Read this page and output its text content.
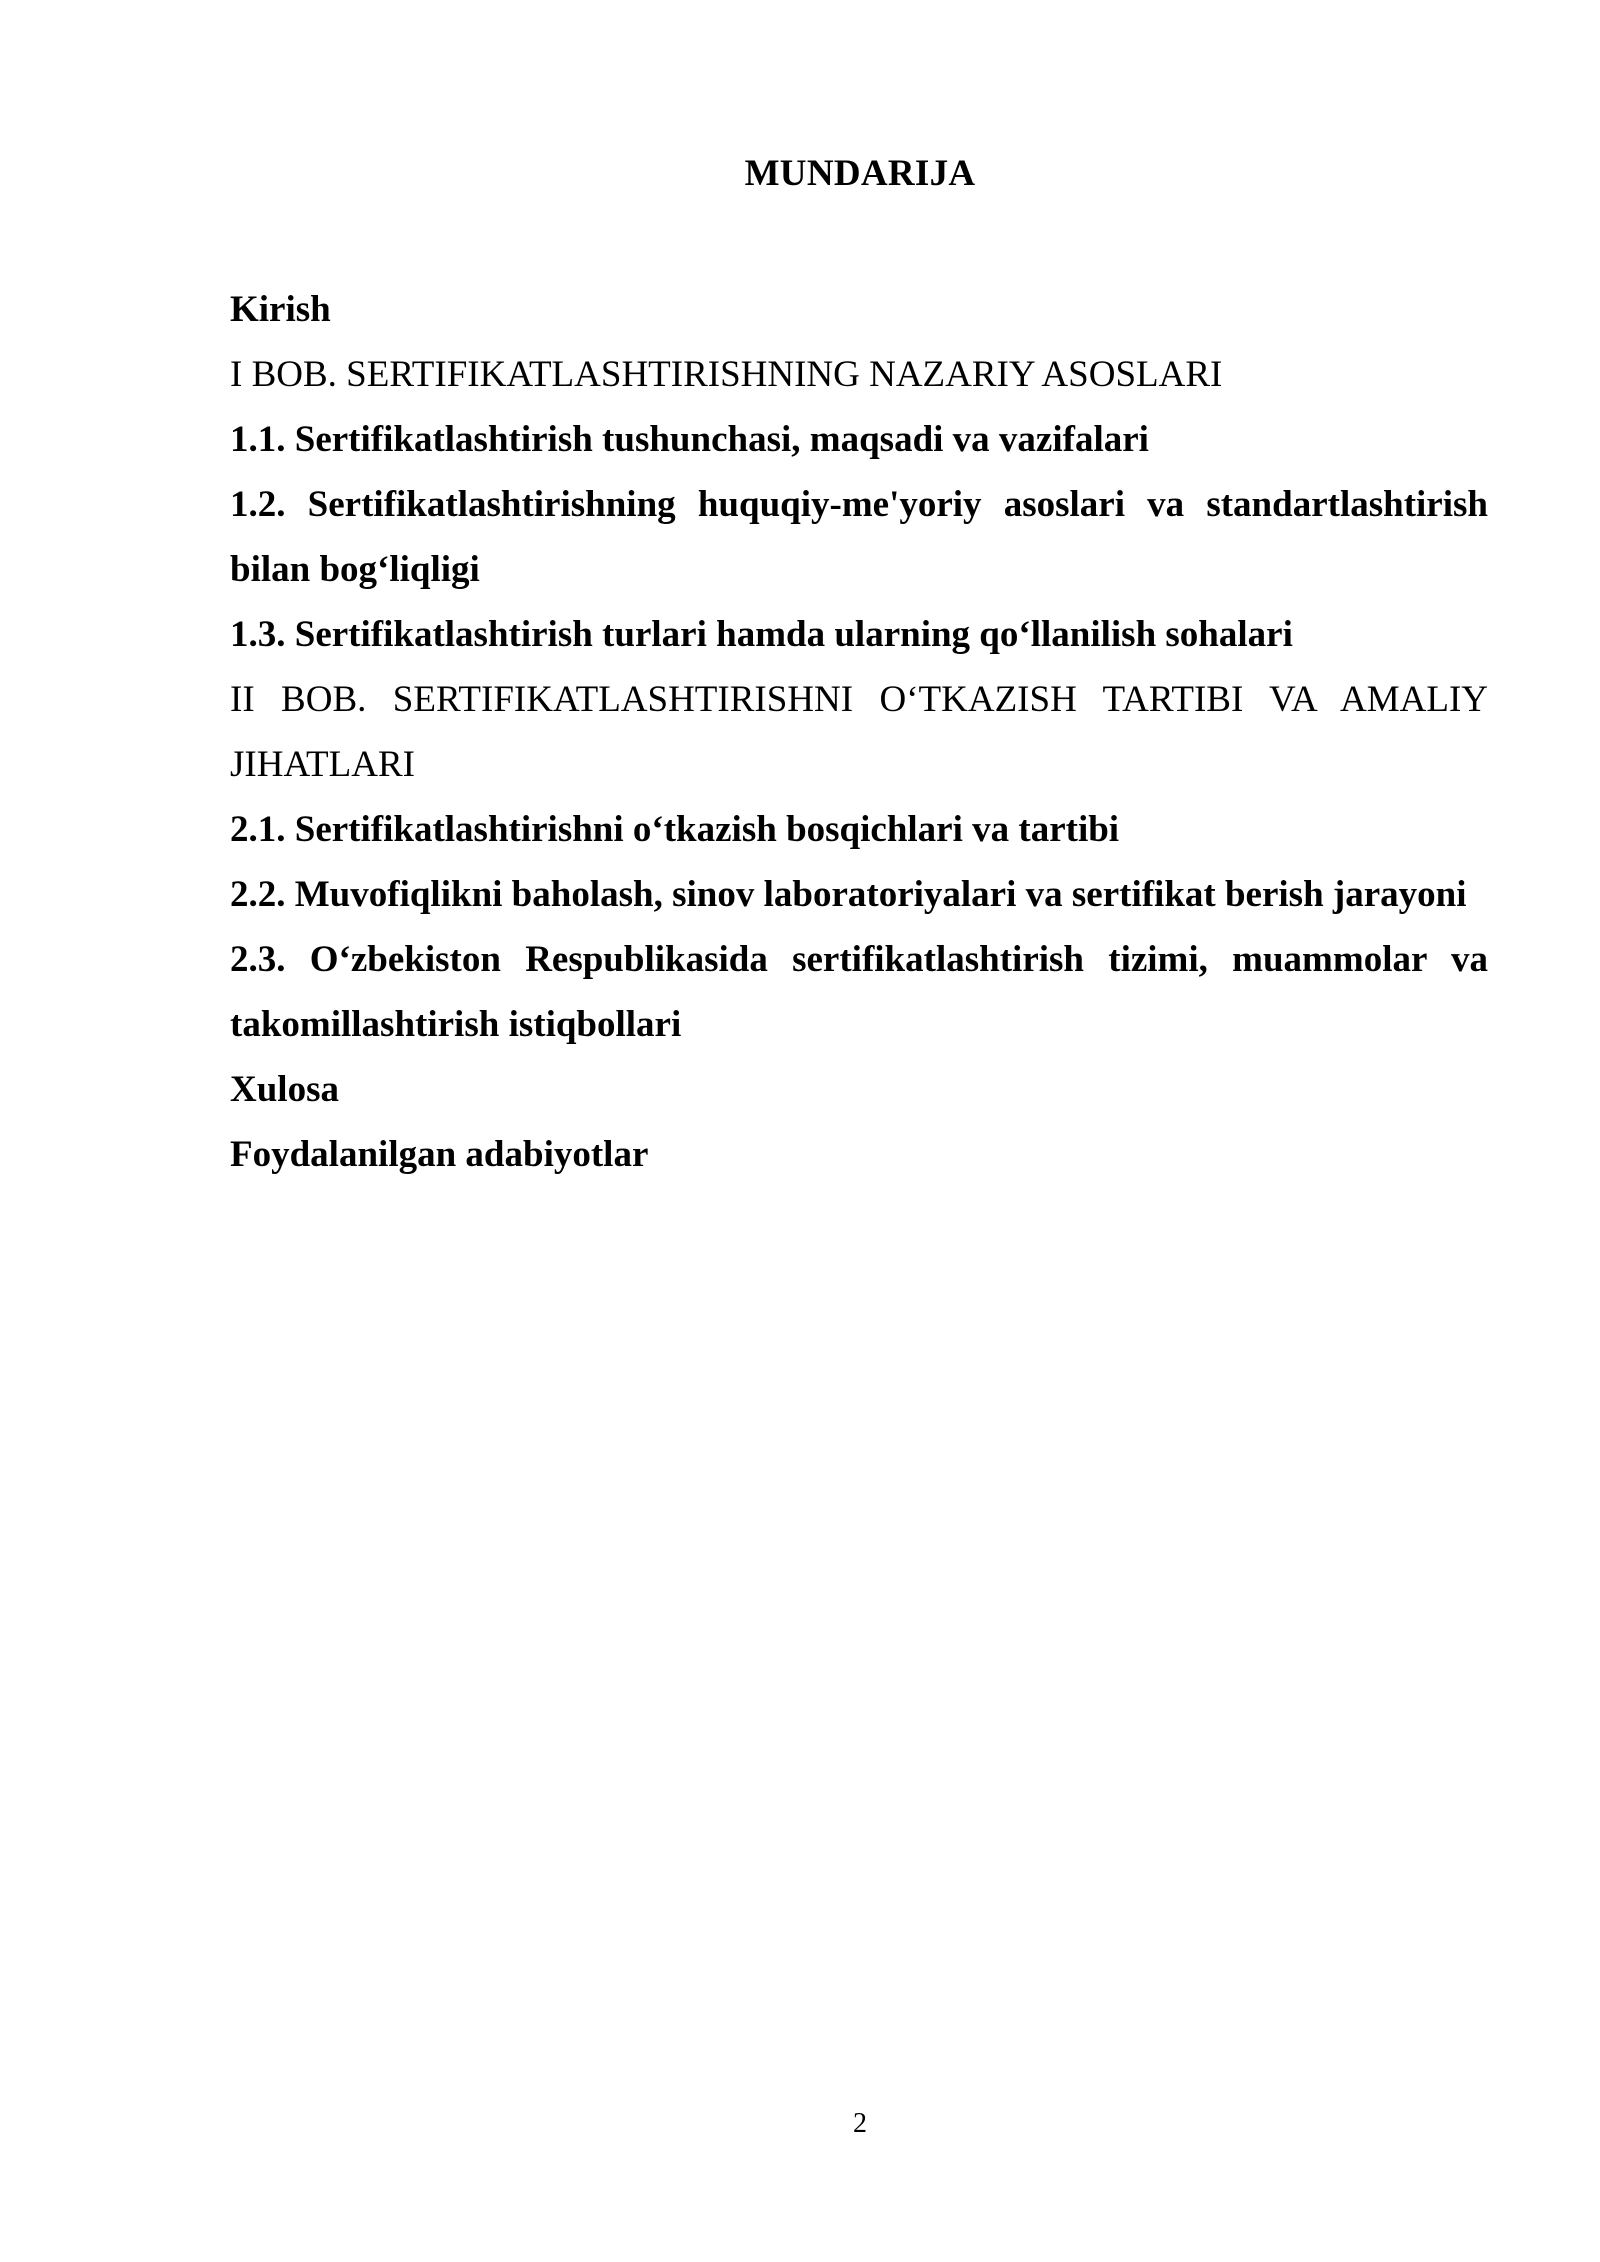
MUNDARIJA

Kirish

I BOB. SERTIFIKATLASHTIRISHNING NAZARIY ASOSLARI

1.1. Sertifikatlashtirish tushunchasi, maqsadi va vazifalari

1.2. Sertifikatlashtirishning huquqiy-me'yoriy asoslari va standartlashtirish bilan bog‘liqligi

1.3. Sertifikatlashtirish turlari hamda ularning qo‘llanilish sohalari

II BOB. SERTIFIKATLASHTIRISHNI O‘TKAZISH TARTIBI VA AMALIY JIHATLARI

2.1. Sertifikatlashtirishni o‘tkazish bosqichlari va tartibi

2.2. Muvofiqlikni baholash, sinov laboratoriyalari va sertifikat berish jarayoni

2.3. O‘zbekiston Respublikasida sertifikatlashtirish tizimi, muammolar va takomillashtirish istiqbollari

Xulosa

Foydalanilgan adabiyotlar

2
